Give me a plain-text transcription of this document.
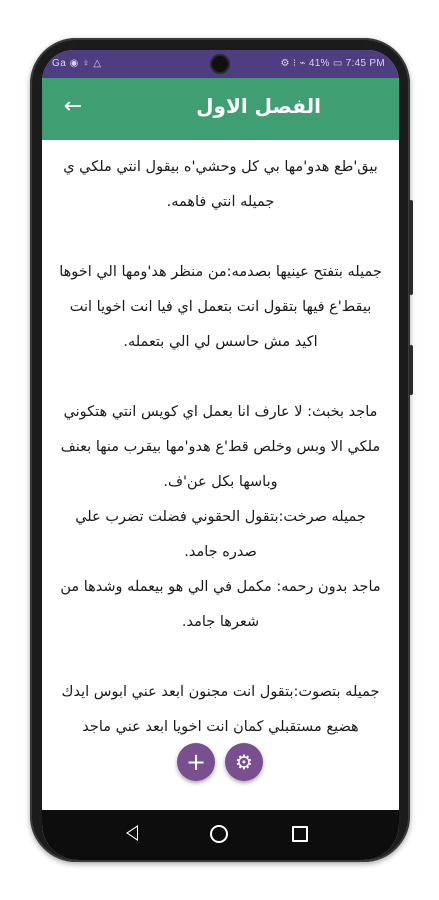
Ga ◉ ♀ △	⚙ ⁝ ⌁ 41% ▭ 7:45 PM
←	الفصل الاول

بيق'طع هدو'مها بي كل وحشي'ه بيقول انتي ملكي ي جميله انتي فاهمه.

جميله بتفتح عينيها بصدمه:من منظر هد'ومها الي اخوها بيقط'ع فيها بتقول انت بتعمل اي فيا انت اخويا انت اكيد مش حاسس لي الي بتعمله.

ماجد بخبث: لا عارف انا بعمل اي كويس انتي هتكوني ملكي الا وبس وخلص قط'ع هدو'مها بيقرب منها بعنف وباسها بكل عن'ف.

جميله صرخت:بتقول الحقوني فضلت تضرب علي صدره جامد.

ماجد بدون رحمه: مكمل في الي هو بيعمله وشدها من شعرها جامد.

جميله بتصوت:بتقول انت مجنون ابعد عني ابوس ايدك هضيع مستقبلي كمان انت اخويا ابعد عني ماجد

+	⚙
